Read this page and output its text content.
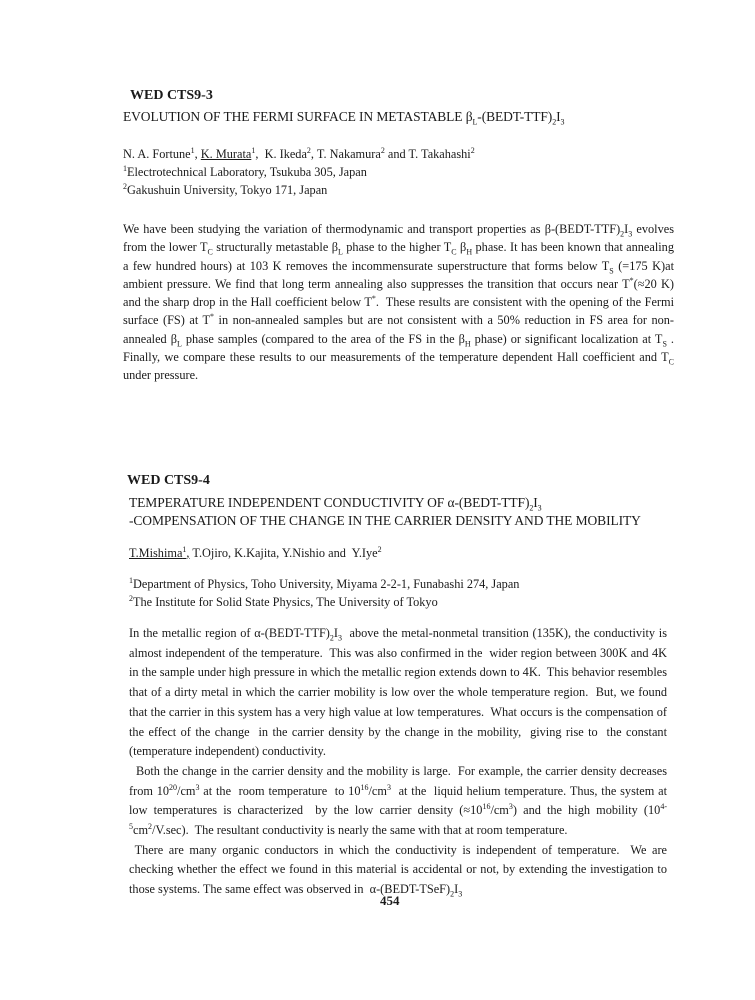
WED CTS9-3
EVOLUTION OF THE FERMI SURFACE IN METASTABLE $\beta_L-(BEDT-TTF)_2I_3$
N. A. Fortune$^1$, K. Murata$^1$,  K. Ikeda$^2$, T. Nakamura$^2$ and T. Takahashi$^2$
$^1$Electrotechnical Laboratory, Tsukuba 305, Japan
$^2$Gakushuin University, Tokyo 171, Japan
We have been studying the variation of thermodynamic and transport properties as $\beta-(BEDT-TTF)_2I_3$ evolves from the lower $T_C$ structurally metastable $\beta_L$ phase to the higher $T_C$ $\beta_H$ phase. It has been known that annealing a few hundred hours) at 103 K removes the incommensurate superstructure that forms below $T_S$ (=175 K)at ambient pressure. We find that long term annealing also suppresses the transition that occurs near T*(≈20 K) and the sharp drop in the Hall coefficient below T*.  These results are consistent with the opening of the Fermi surface (FS) at T* in non-annealed samples but are not consistent with a 50% reduction in FS area for non-annealed $\beta_L$ phase samples (compared to the area of the FS in the $\beta_H$ phase) or significant localization at $T_S$ . Finally, we compare these results to our measurements of the temperature dependent Hall coefficient and $T_C$ under pressure.
WED CTS9-4
TEMPERATURE INDEPENDENT CONDUCTIVITY OF $\alpha-(BEDT-TTF)_2I_3$
-COMPENSATION OF THE CHANGE IN THE CARRIER DENSITY AND THE MOBILITY
T.Mishima$^1$, T.Ojiro, K.Kajita, Y.Nishio and  Y.Iye$^2$
$^1$Department of Physics, Toho University, Miyama 2-2-1, Funabashi 274, Japan
$^2$The Institute for Solid State Physics, The University of Tokyo
In the metallic region of $\alpha-(BEDT-TTF)_2I_3$  above the metal-nonmetal transition (135K), the conductivity is almost independent of the temperature.  This was also confirmed in the  wider region between 300K and 4K in the sample under high pressure in which the metallic region extends down to 4K.  This behavior resembles that of a dirty metal in which the carrier mobility is low over the whole temperature region.  But, we found that the carrier in this system has a very high value at low temperatures.  What occurs is the compensation of the effect of the change  in the carrier density by the change in the mobility,  giving rise to  the constant (temperature independent) conductivity.
Both the change in the carrier density and the mobility is large.  For example, the carrier density decreases from $10^{20}/cm^3$ at the  room temperature  to $10^{16}/cm^3$  at the  liquid helium temperature. Thus, the system at low temperatures is characterized  by the low carrier density $(\approx 10^{16}/cm^3)$ and the high mobility $(10^{4-5}cm^2/V.\sec)$.  The resultant conductivity is nearly the same with that at room temperature.
There are many organic conductors in which the conductivity is independent of temperature.  We are checking whether the effect we found in this material is accidental or not, by extending the investigation to those systems. The same effect was observed in  $\alpha-(BEDT-TSeF)_2I_3$
454
